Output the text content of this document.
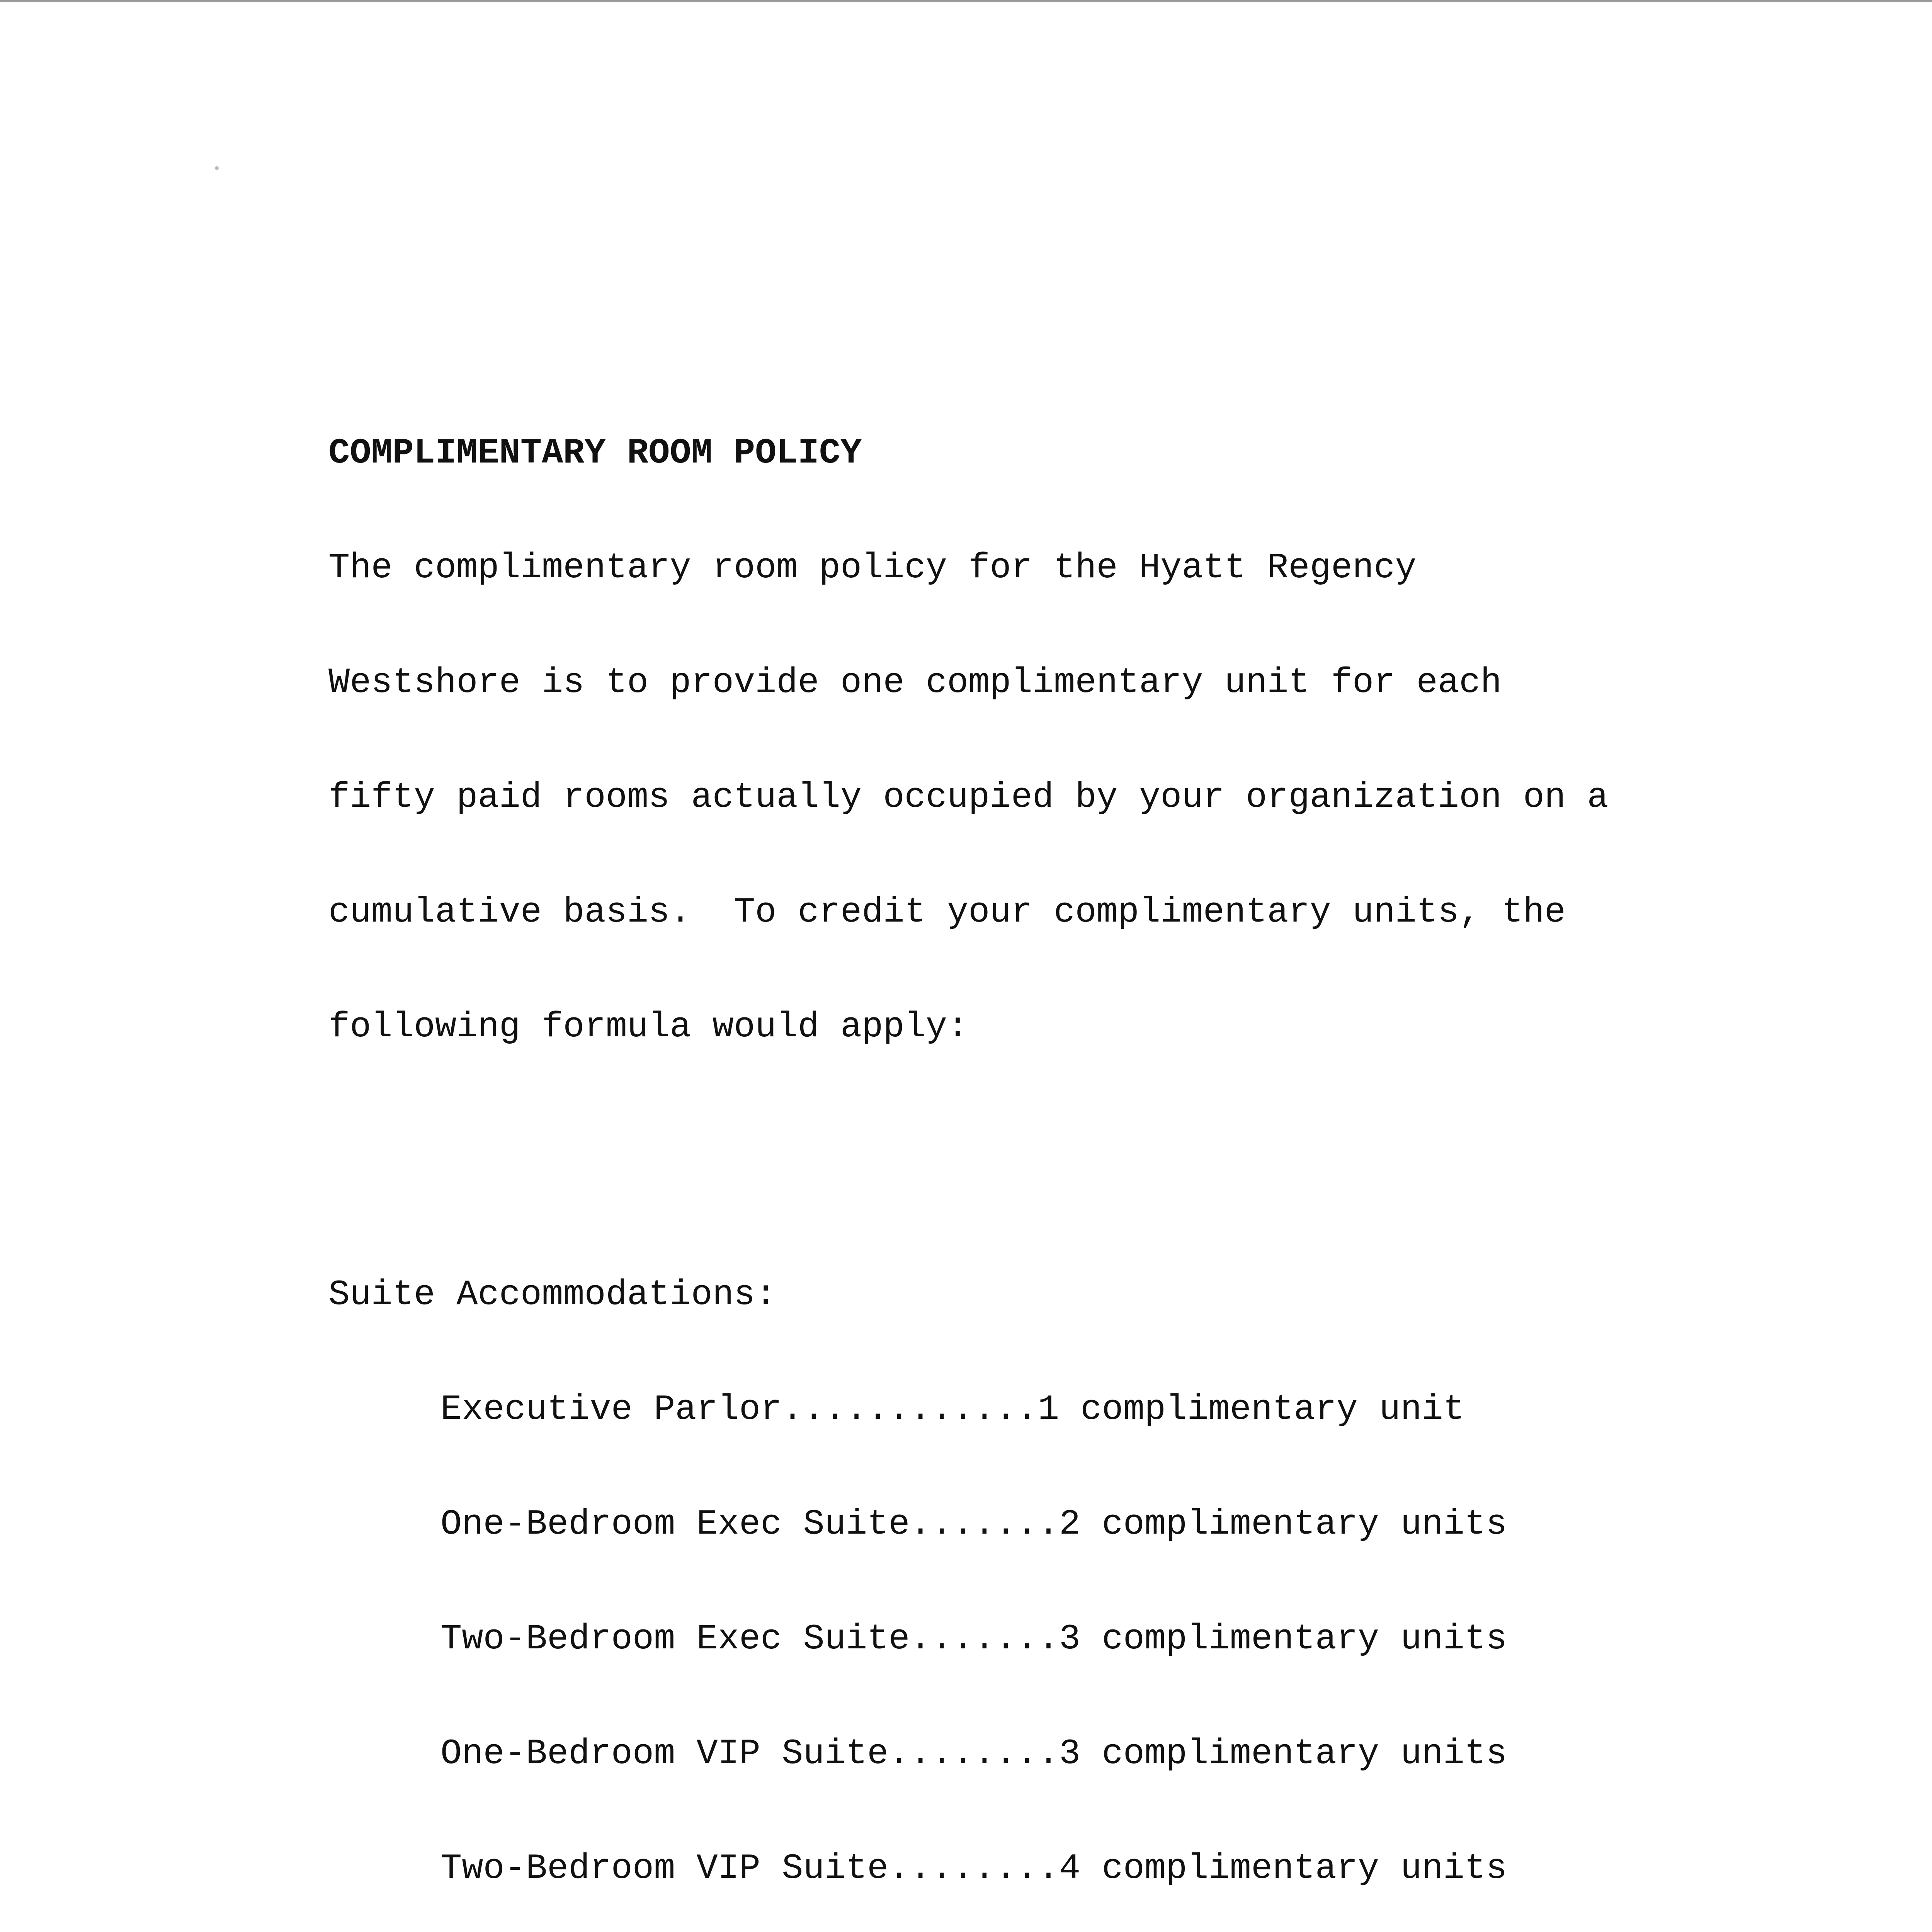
COMPLIMENTARY ROOM POLICY

The complimentary room policy for the Hyatt Regency

Westshore is to provide one complimentary unit for each

fifty paid rooms actually occupied by your organization on a

cumulative basis.  To credit your complimentary units, the

following formula would apply:

Suite Accommodations:

Executive Parlor............1 complimentary unit

One-Bedroom Exec Suite.......2 complimentary units

Two-Bedroom Exec Suite.......3 complimentary units

One-Bedroom VIP Suite........3 complimentary units

Two-Bedroom VIP Suite........4 complimentary units
